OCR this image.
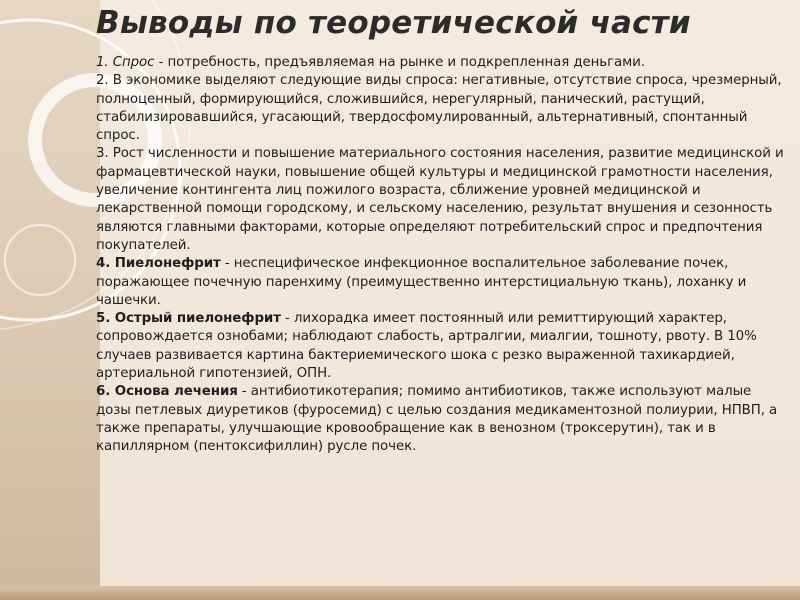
Выводы по теоретической части

1. Спрос - потребность, предъявляемая на рынке и подкрепленная деньгами.

2. В экономике выделяют следующие виды спроса: негативные, отсутствие спроса, чрезмерный, полноценный, формирующийся, сложившийся, нерегулярный, панический, растущий, стабилизировавшийся, угасающий, твердосфомулированный, альтернативный, спонтанный спрос.

3. Рост численности и повышение материального состояния населения, развитие медицинской и фармацевтической науки, повышение общей культуры и медицинской грамотности населения, увеличение контингента лиц пожилого возраста, сближение уровней медицинской и лекарственной помощи городскому, и сельскому населению, результат внушения и сезонность являются главными факторами, которые определяют потребительский спрос и предпочтения покупателей.

4. Пиелонефрит - неспецифическое инфекционное воспалительное заболевание почек, поражающее почечную паренхиму (преимущественно интерстициальную ткань), лоханку и чашечки.

5. Острый пиелонефрит - лихорадка имеет постоянный или ремиттирующий характер, сопровождается ознобами; наблюдают слабость, артралгии, миалгии, тошноту, рвоту. В 10% случаев развивается картина бактериемического шока с резко выраженной тахикардией, артериальной гипотензией, ОПН.

6. Основа лечения - антибиотикотерапия; помимо антибиотиков, также используют малые дозы петлевых диуретиков (фуросемид) с целью создания медикаментозной полиурии, НПВП, а также препараты, улучшающие кровообращение как в венозном (троксерутин), так и в капиллярном (пентоксифиллин) русле почек.
